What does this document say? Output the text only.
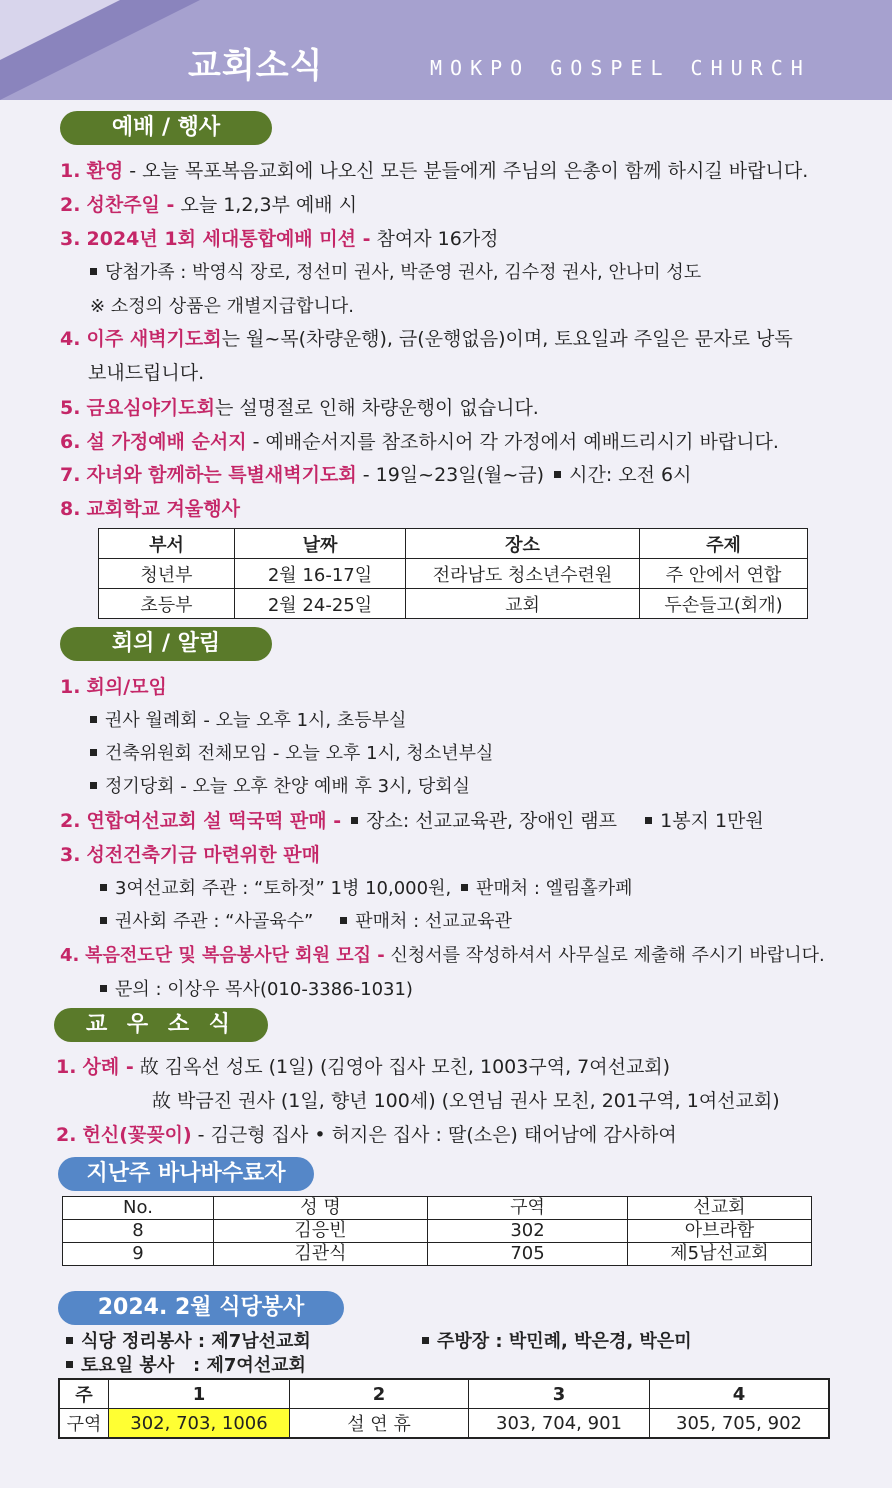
교회소식	MOKPO GOSPEL CHURCH
예배 / 행사
1. 환영 - 오늘 목포복음교회에 나오신 모든 분들에게 주님의 은총이 함께 하시길 바랍니다.
2. 성찬주일 - 오늘 1,2,3부 예배 시
3. 2024년 1회 세대통합예배 미션 - 참여자 16가정
당첨가족 : 박영식 장로, 정선미 권사, 박준영 권사, 김수정 권사, 안나미 성도
※ 소정의 상품은 개별지급합니다.
4. 이주 새벽기도회는 월~목(차량운행), 금(운행없음)이며, 토요일과 주일은 문자로 낭독
보내드립니다.
5. 금요심야기도회는 설명절로 인해 차량운행이 없습니다.
6. 설 가정예배 순서지 - 예배순서지를 참조하시어 각 가정에서 예배드리시기 바랍니다.
7. 자녀와 함께하는 특별새벽기도회 - 19일~23일(월~금) 시간: 오전 6시
8. 교회학교 겨울행사
부서	날짜	장소	주제
청년부	2월 16-17일	전라남도 청소년수련원	주 안에서 연합
초등부	2월 24-25일	교회	두손들고(회개)
회의 / 알림
1. 회의/모임
권사 월례회 - 오늘 오후 1시, 초등부실
건축위원회 전체모임 - 오늘 오후 1시, 청소년부실
정기당회 - 오늘 오후 찬양 예배 후 3시, 당회실
2. 연합여선교회 설 떡국떡 판매 - 장소: 선교교육관, 장애인 램프 1봉지 1만원
3. 성전건축기금 마련위한 판매
3여선교회 주관 : “토하젓” 1병 10,000원, 판매처 : 엘림홀카페
권사회 주관 : “사골육수” 판매처 : 선교교육관
4. 복음전도단 및 복음봉사단 회원 모집 - 신청서를 작성하셔서 사무실로 제출해 주시기 바랍니다.
문의 : 이상우 목사(010-3386-1031)
교 우 소 식
1. 상례 - 故 김옥선 성도 (1일) (김영아 집사 모친, 1003구역, 7여선교회)
故 박금진 권사 (1일, 향년 100세) (오연님 권사 모친, 201구역, 1여선교회)
2. 헌신(꽃꽂이) - 김근형 집사 • 허지은 집사 : 딸(소은) 태어남에 감사하여
지난주 바나바수료자
No.	성 명	구역	선교회
8	김응빈	302	아브라함
9	김관식	705	제5남선교회
2024. 2월 식당봉사
식당 정리봉사 : 제7남선교회
토요일 봉사   : 제7여선교회
주방장 : 박민례, 박은경, 박은미
주	1	2	3	4
구역	302, 703, 1006	설 연 휴	303, 704, 901	305, 705, 902
